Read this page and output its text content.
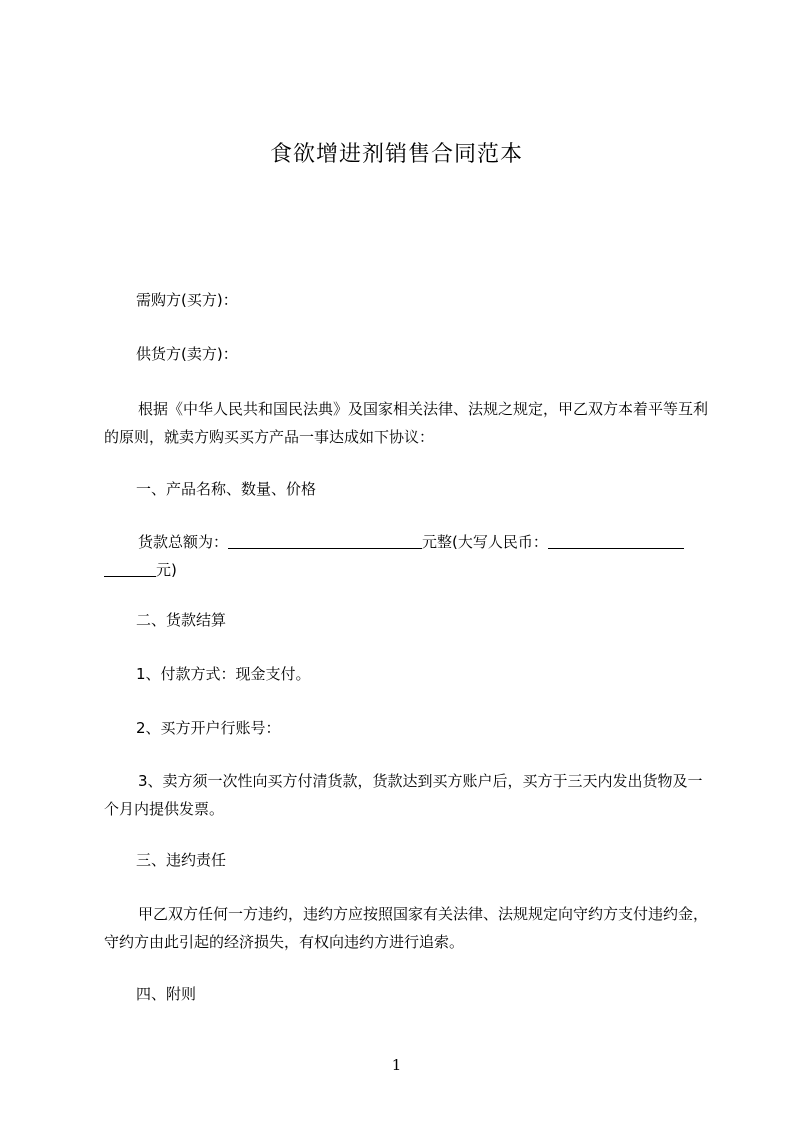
食欲增进剂销售合同范本

需购方(买方)：

供货方(卖方)：

根据《中华人民共和国民法典》及国家相关法律、法规之规定，甲乙双方本着平等互利的原则，就卖方购买买方产品一事达成如下协议：

一、产品名称、数量、价格

货款总额为：	元整(大写人民币：元)

二、货款结算

1、付款方式：现金支付。

2、买方开户行账号：

3、卖方须一次性向买方付清货款，货款达到买方账户后，买方于三天内发出货物及一个月内提供发票。

三、违约责任

甲乙双方任何一方违约，违约方应按照国家有关法律、法规规定向守约方支付违约金，守约方由此引起的经济损失，有权向违约方进行追索。

四、附则

1
